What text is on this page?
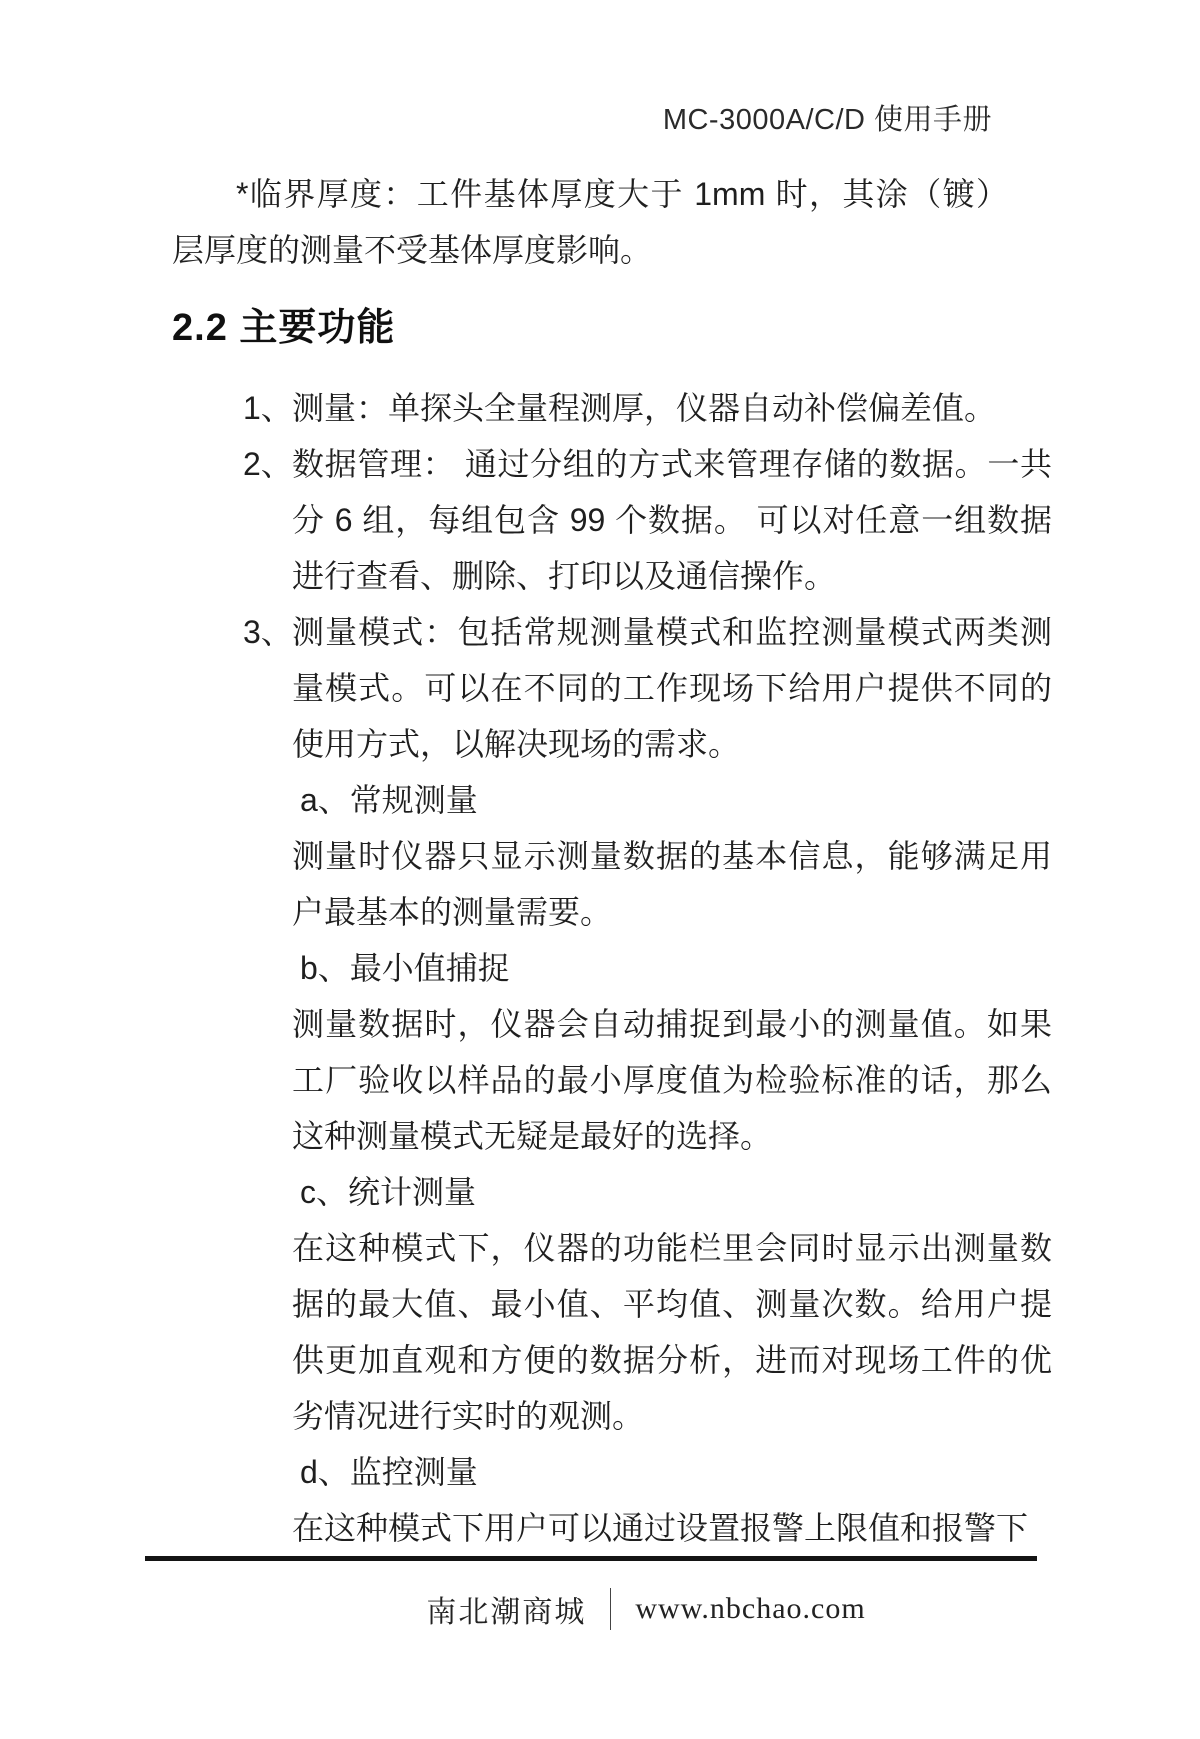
MC-3000A/C/D 使用手册

*临界厚度：工件基体厚度大于 1mm 时，其涂（镀）层厚度的测量不受基体厚度影响。

2.2 主要功能
1、 测量：单探头全量程测厚，仪器自动补偿偏差值。
2、 数据管理： 通过分组的方式来管理存储的数据。一共分 6 组，每组包含 99 个数据。 可以对任意一组数据进行查看、删除、打印以及通信操作。
3、 测量模式：包括常规测量模式和监控测量模式两类测量模式。可以在不同的工作现场下给用户提供不同的使用方式，以解决现场的需求。
a、常规测量
测量时仪器只显示测量数据的基本信息，能够满足用户最基本的测量需要。
b、最小值捕捉
测量数据时，仪器会自动捕捉到最小的测量值。如果工厂验收以样品的最小厚度值为检验标准的话，那么这种测量模式无疑是最好的选择。
c、统计测量
在这种模式下，仪器的功能栏里会同时显示出测量数据的最大值、最小值、平均值、测量次数。给用户提供更加直观和方便的数据分析，进而对现场工件的优劣情况进行实时的观测。
d、监控测量
在这种模式下用户可以通过设置报警上限值和报警下
南北潮商城 www.nbchao.com
